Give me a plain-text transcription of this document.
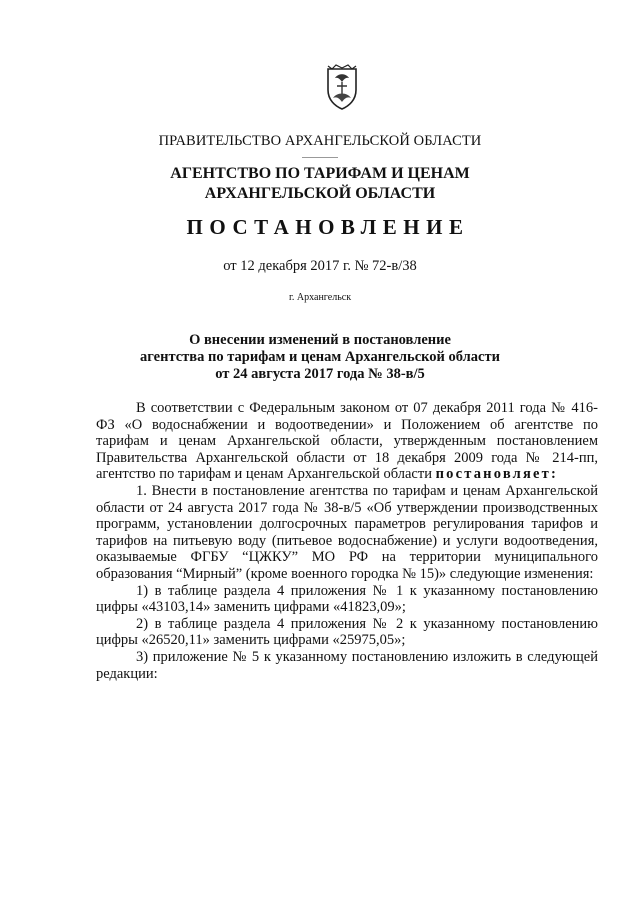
ПРАВИТЕЛЬСТВО АРХАНГЕЛЬСКОЙ ОБЛАСТИ
АГЕНТСТВО ПО ТАРИФАМ И ЦЕНАМ
АРХАНГЕЛЬСКОЙ ОБЛАСТИ
ПОСТАНОВЛЕНИЕ
от 12 декабря 2017 г. № 72-в/38
г. Архангельск
О внесении изменений в постановление
агентства по тарифам и ценам Архангельской области
от 24 августа 2017 года № 38-в/5

В соответствии с Федеральным законом от 07 декабря 2011 года № 416-ФЗ «О водоснабжении и водоотведении» и Положением об агентстве по тарифам и ценам Архангельской области, утвержденным постановлением Правительства Архангельской области от 18 декабря 2009 года № 214-пп, агентство по тарифам и ценам Архангельской области постановляет:

1. Внести в постановление агентства по тарифам и ценам Архангельской области от 24 августа 2017 года № 38-в/5 «Об утверждении производственных программ, установлении долгосрочных параметров регулирования тарифов и тарифов на питьевую воду (питьевое водоснабжение) и услуги водоотведения, оказываемые ФГБУ “ЦЖКУ” МО РФ на территории муниципального образования “Мирный” (кроме военного городка № 15)» следующие изменения:

1) в таблице раздела 4 приложения № 1 к указанному постановлению цифры «43103,14» заменить цифрами «41823,09»;

2) в таблице раздела 4 приложения № 2 к указанному постановлению цифры «26520,11» заменить цифрами «25975,05»;

3) приложение № 5 к указанному постановлению изложить в следующей редакции:
